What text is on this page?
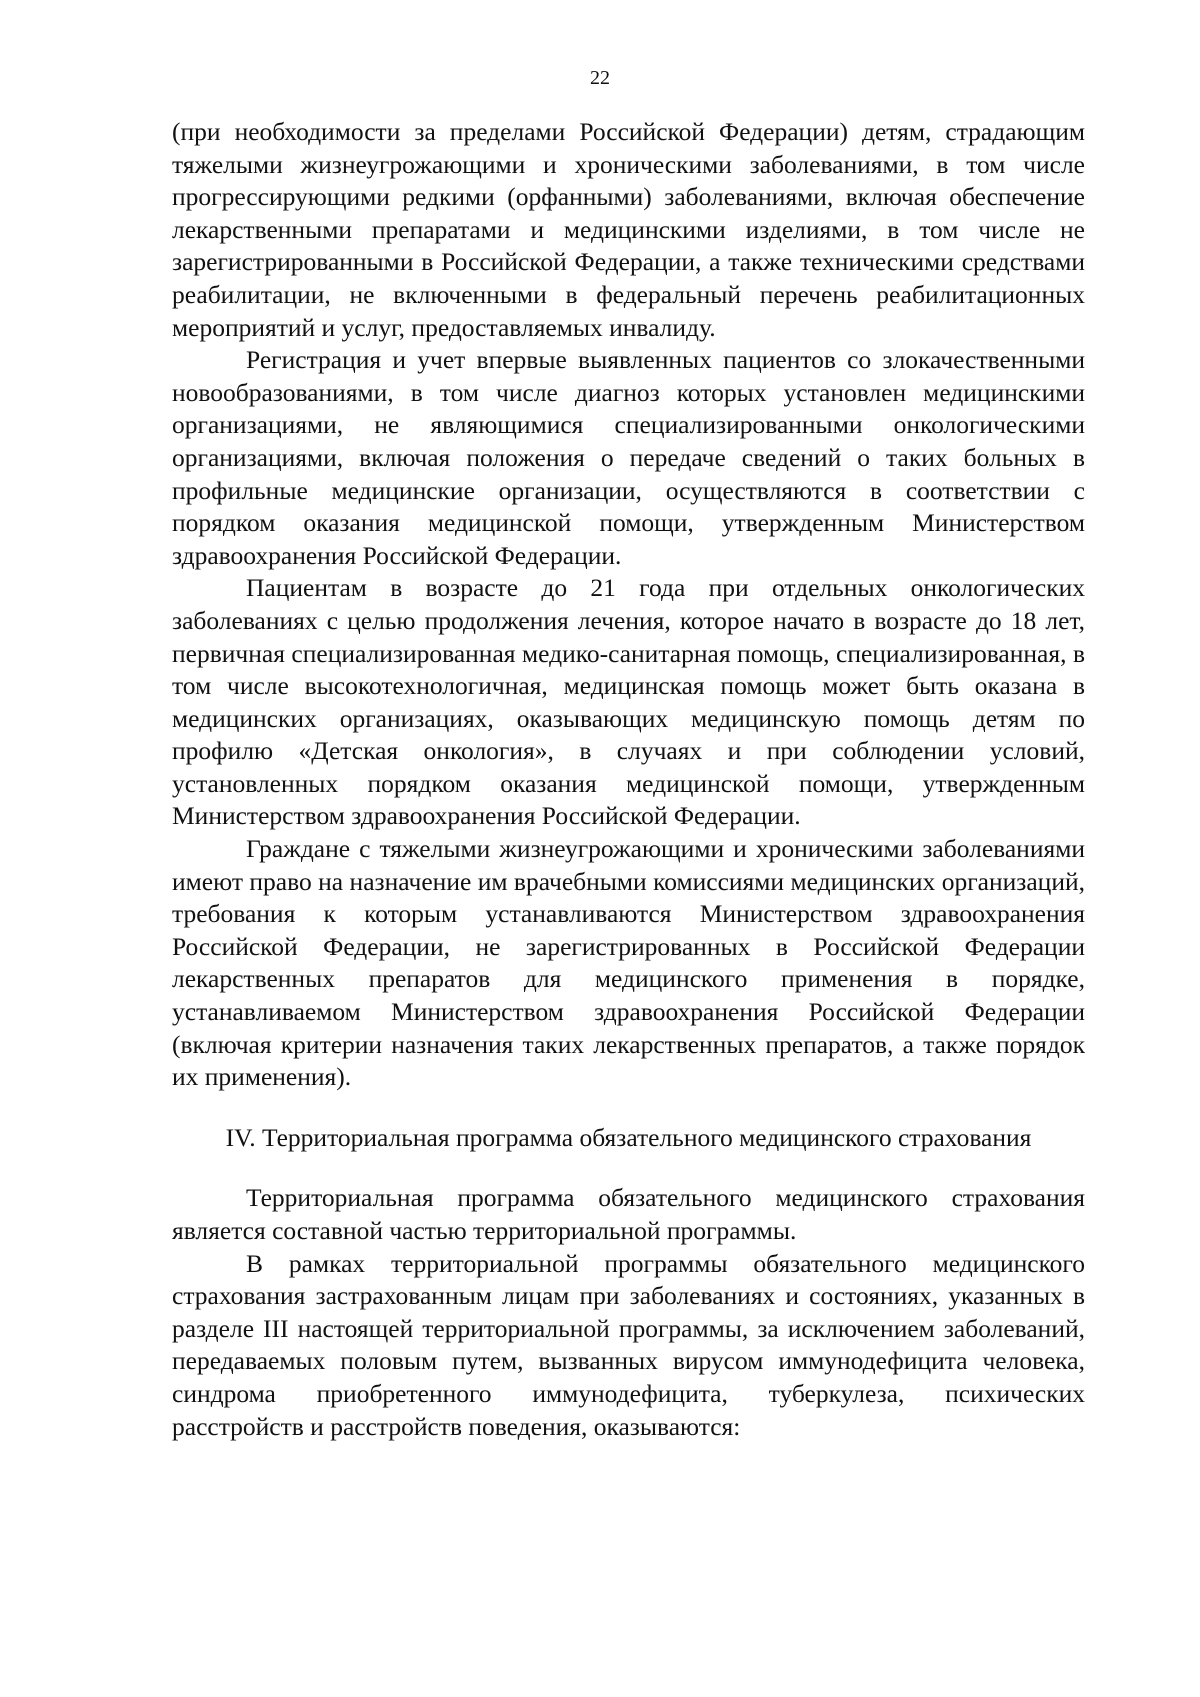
22

(при необходимости за пределами Российской Федерации) детям, страдающим тяжелыми жизнеугрожающими и хроническими заболеваниями, в том числе прогрессирующими редкими (орфанными) заболеваниями, включая обеспечение лекарственными препаратами и медицинскими изделиями, в том числе не зарегистрированными в Российской Федерации, а также техническими средствами реабилитации, не включенными в федеральный перечень реабилитационных мероприятий и услуг, предоставляемых инвалиду.

Регистрация и учет впервые выявленных пациентов со злокачественными новообразованиями, в том числе диагноз которых установлен медицинскими организациями, не являющимися специализированными онкологическими организациями, включая положения о передаче сведений о таких больных в профильные медицинские организации, осуществляются в соответствии с порядком оказания медицинской помощи, утвержденным Министерством здравоохранения Российской Федерации.

Пациентам в возрасте до 21 года при отдельных онкологических заболеваниях с целью продолжения лечения, которое начато в возрасте до 18 лет, первичная специализированная медико-санитарная помощь, специализированная, в том числе высокотехнологичная, медицинская помощь может быть оказана в медицинских организациях, оказывающих медицинскую помощь детям по профилю «Детская онкология», в случаях и при соблюдении условий, установленных порядком оказания медицинской помощи, утвержденным Министерством здравоохранения Российской Федерации.

Граждане с тяжелыми жизнеугрожающими и хроническими заболеваниями имеют право на назначение им врачебными комиссиями медицинских организаций, требования к которым устанавливаются Министерством здравоохранения Российской Федерации, не зарегистрированных в Российской Федерации лекарственных препаратов для медицинского применения в порядке, устанавливаемом Министерством здравоохранения Российской Федерации (включая критерии назначения таких лекарственных препаратов, а также порядок их применения).

IV. Территориальная программа обязательного медицинского страхования

Территориальная программа обязательного медицинского страхования является составной частью территориальной программы.

В рамках территориальной программы обязательного медицинского страхования застрахованным лицам при заболеваниях и состояниях, указанных в разделе III настоящей территориальной программы, за исключением заболеваний, передаваемых половым путем, вызванных вирусом иммунодефицита человека, синдрома приобретенного иммунодефицита, туберкулеза, психических расстройств и расстройств поведения, оказываются:
